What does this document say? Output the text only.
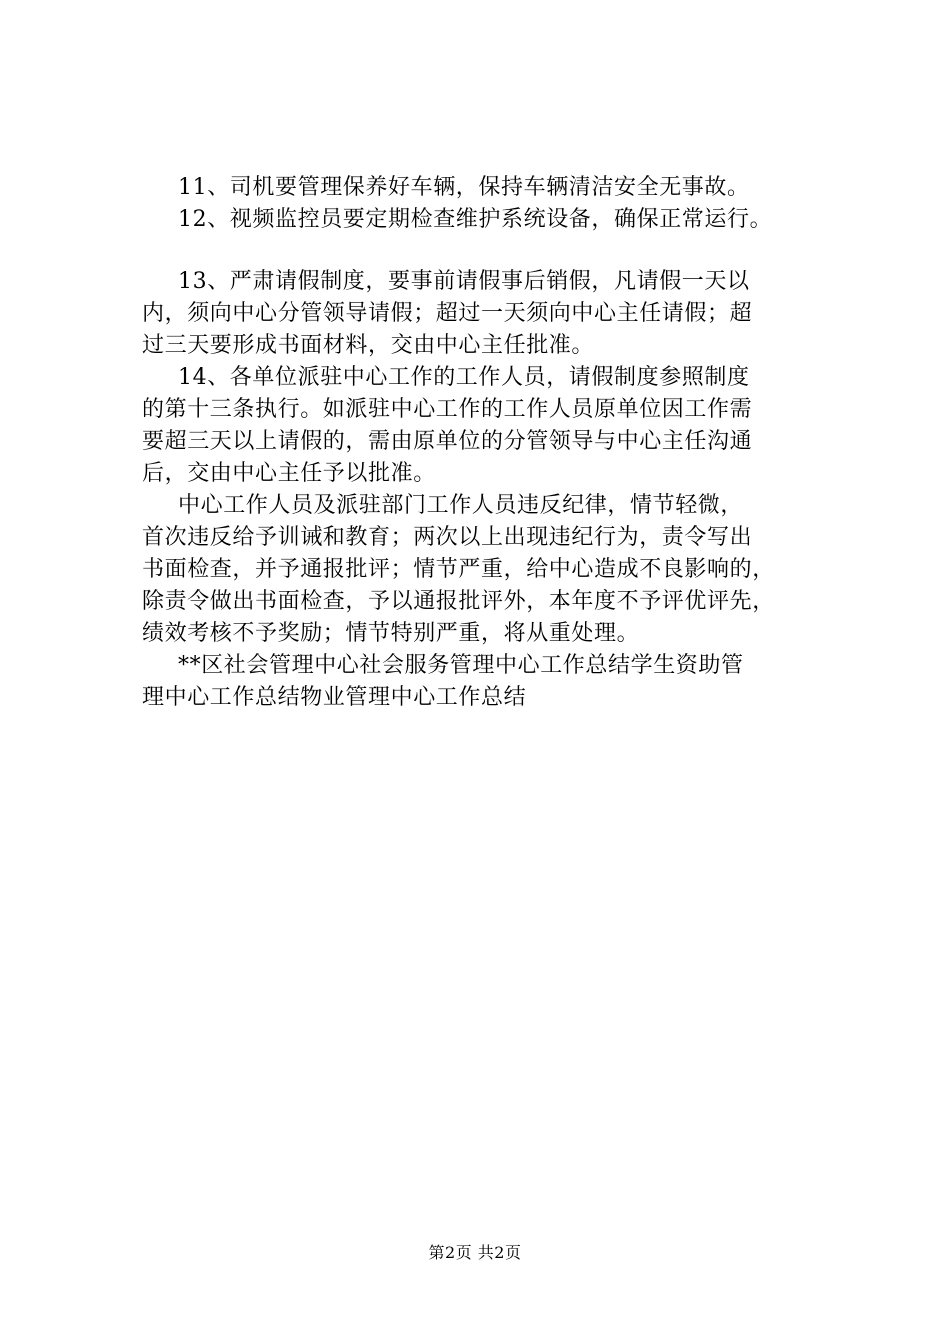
11、司机要管理保养好车辆，保持车辆清洁安全无事故。
12、视频监控员要定期检查维护系统设备，确保正常运行。
13、严肃请假制度，要事前请假事后销假，凡请假一天以
内，须向中心分管领导请假；超过一天须向中心主任请假；超
过三天要形成书面材料，交由中心主任批准。
14、各单位派驻中心工作的工作人员，请假制度参照制度
的第十三条执行。如派驻中心工作的工作人员原单位因工作需
要超三天以上请假的，需由原单位的分管领导与中心主任沟通
后，交由中心主任予以批准。
中心工作人员及派驻部门工作人员违反纪律，情节轻微，
首次违反给予训诫和教育；两次以上出现违纪行为，责令写出
书面检查，并予通报批评；情节严重，给中心造成不良影响的，
除责令做出书面检查，予以通报批评外，本年度不予评优评先，
绩效考核不予奖励；情节特别严重，将从重处理。
**区社会管理中心社会服务管理中心工作总结学生资助管
理中心工作总结物业管理中心工作总结
第2页 共2页
